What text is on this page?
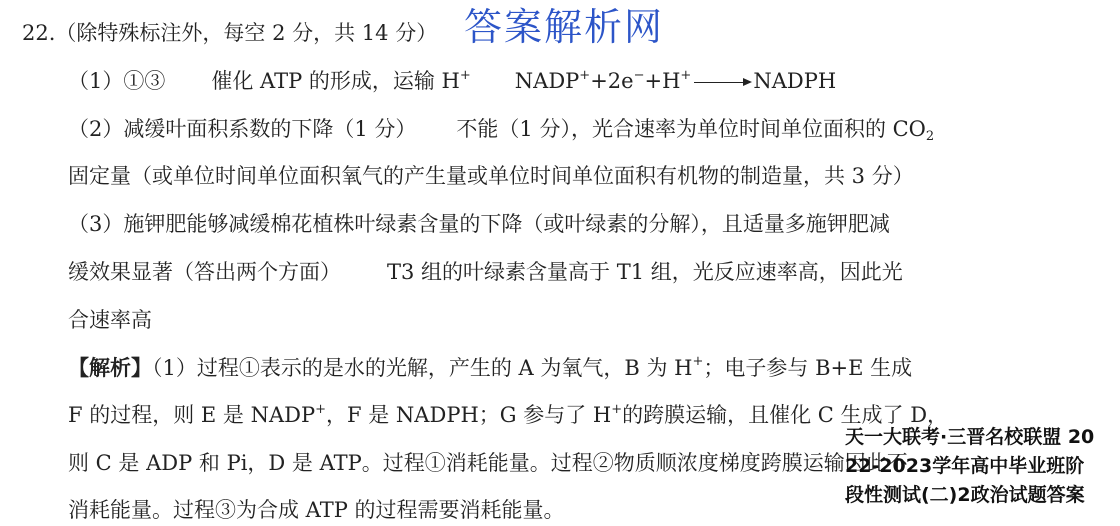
22.（除特殊标注外，每空 2 分，共 14 分） 答案解析网
（1）①③ 催化 ATP 的形成，运输 H+ NADP++2e−+H+ → NADPH
（2）减缓叶面积系数的下降（1 分） 不能（1 分），光合速率为单位时间单位面积的 $CO_2$
固定量（或单位时间单位面积氧气的产生量或单位时间单位面积有机物的制造量，共 3 分）
（3）施钾肥能够减缓棉花植株叶绿素含量的下降（或叶绿素的分解），且适量多施钾肥减
缓效果显著（答出两个方面） T3 组的叶绿素含量高于 T1 组，光反应速率高，因此光
合速率高
【解析】（1）过程①表示的是水的光解，产生的 A 为氧气，B 为 H+；电子参与 B+E 生成
F 的过程，则 E 是 NADP+，F 是 NADPH；G 参与了 H+的跨膜运输，且催化 C 生成了 D，
则 C 是 ADP 和 Pi，D 是 ATP。过程①消耗能量。过程②物质顺浓度梯度跨膜运输因此不
消耗能量。过程③为合成 ATP 的过程需要消耗能量。
天一大联考·三晋名校联盟 20
22-2023学年高中毕业班阶
段性测试(二)2政治试题答案
